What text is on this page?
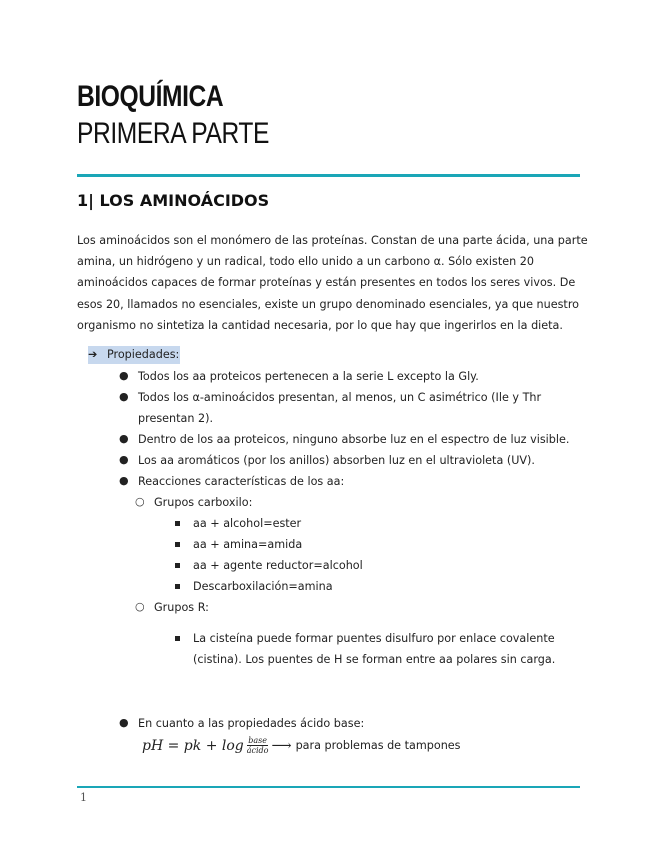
BIOQUÍMICA
PRIMERA PARTE
1| LOS AMINOÁCIDOS

Los aminoácidos son el monómero de las proteínas. Constan de una parte ácida, una parte

amina, un hidrógeno y un radical, todo ello unido a un carbono α. Sólo existen 20

aminoácidos capaces de formar proteínas y están presentes en todos los seres vivos. De

esos 20, llamados no esenciales, existe un grupo denominado esenciales, ya que nuestro

organismo no sintetiza la cantidad necesaria, por lo que hay que ingerirlos en la dieta.

➔ Propiedades:
● Todos los aa proteicos pertenecen a la serie L excepto la Gly.
● Todos los α-aminoácidos presentan, al menos, un C asimétrico (Ile y Thr
presentan 2).
● Dentro de los aa proteicos, ninguno absorbe luz en el espectro de luz visible.
● Los aa aromáticos (por los anillos) absorben luz en el ultravioleta (UV).
● Reacciones características de los aa:
○ Grupos carboxilo:
aa + alcohol=ester
aa + amina=amida
aa + agente reductor=alcohol
Descarboxilación=amina
○ Grupos R:
La cisteína puede formar puentes disulfuro por enlace covalente
(cistina). Los puentes de H se forman entre aa polares sin carga.
● En cuanto a las propiedades ácido base:
pH = pk + $\log \frac{\text{base}}{\text{ácido}}$ ⟶ para problemas de tampones
1
